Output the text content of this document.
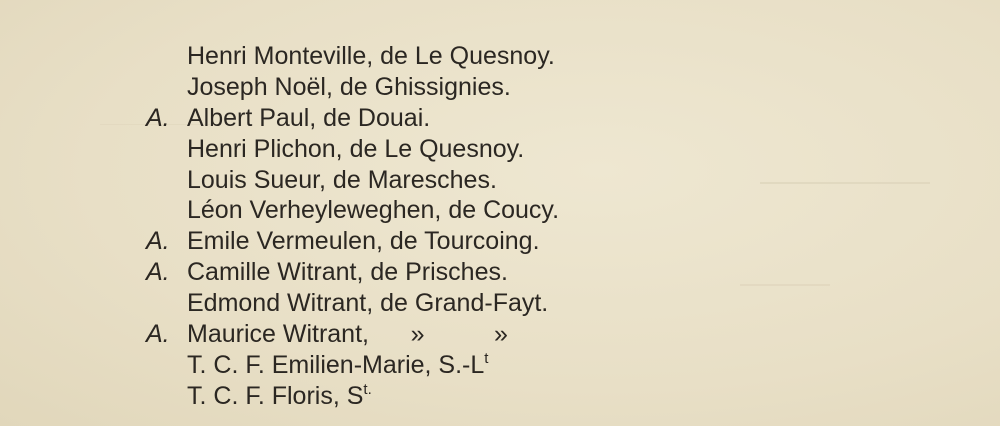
Henri Monteville, de Le Quesnoy.
Joseph Noël, de Ghissignies.
A. Albert Paul, de Douai.
Henri Plichon, de Le Quesnoy.
Louis Sueur, de Maresches.
Léon Verheyleweghen, de Coucy.
A. Emile Vermeulen, de Tourcoing.
A. Camille Witrant, de Prisches.
Edmond Witrant, de Grand-Fayt.
A. Maurice Witrant,      »          »
T. C. F. Emilien-Marie, $S.-L^t$
T. C. F. Floris, $S^{t.}$
